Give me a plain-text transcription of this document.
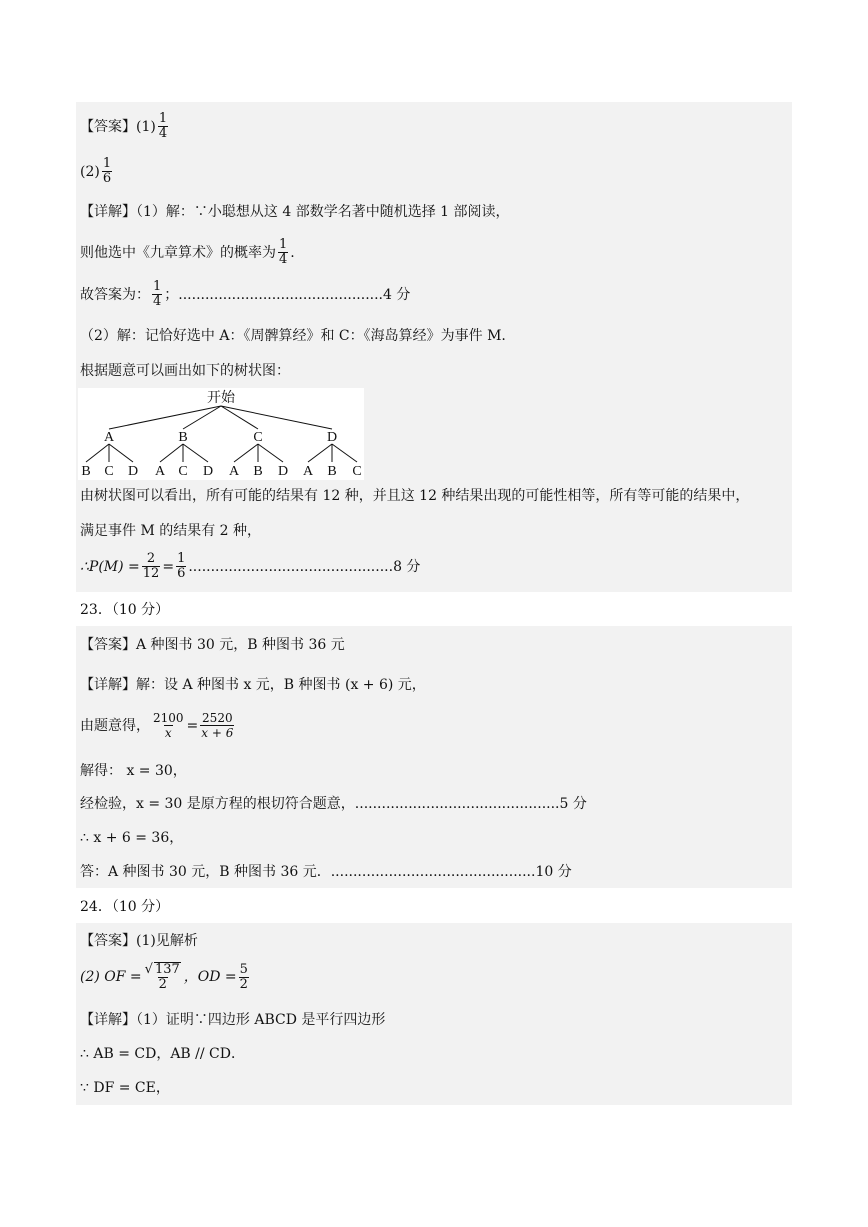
【答案】 $(1) \frac{1}{4}$
$(2) \frac{1}{6}$
【详解】（1）解：∵小聪想从这 4 部数学名著中随机选择 1 部阅读，
则他选中《九章算术》的概率为 $\frac{1}{4}$ .
故答案为： $\frac{1}{4}$ ； .............................................. 4 分
（2）解：记恰好选中 A：《周髀算经》和 C：《海岛算经》为事件 M.
根据题意可以画出如下的树状图：
开始
A	B	C	D
B C D A C D A B D A B C
由树状图可以看出，所有可能的结果有 12 种，并且这 12 种结果出现的可能性相等，所有等可能的结果中，
满足事件 M 的结果有 2 种，
∴P(M) = $\frac{2}{12} = \frac{1}{6}$ .............................................. 8 分
23．（10 分）
【答案】A 种图书 30 元，B 种图书 36 元
【详解】解：设 A 种图书 x 元，B 种图书 (x + 6) 元，
由题意得， $\frac{2100}{x} = \frac{2520}{x + 6}$
解得： x = 30，
经检验，x = 30 是原方程的根切符合题意， .............................................. 5 分
∴ x + 6 = 36，
答：A 种图书 30 元，B 种图书 36 元． .............................................. 10 分
24．（10 分）
【答案】(1)见解析
(2) OF = $\frac{√ 137}{2}$ ，OD = $\frac{5}{2}$
【详解】（1）证明∵四边形 ABCD 是平行四边形
∴ AB = CD，AB // CD．
∵ DF = CE，
